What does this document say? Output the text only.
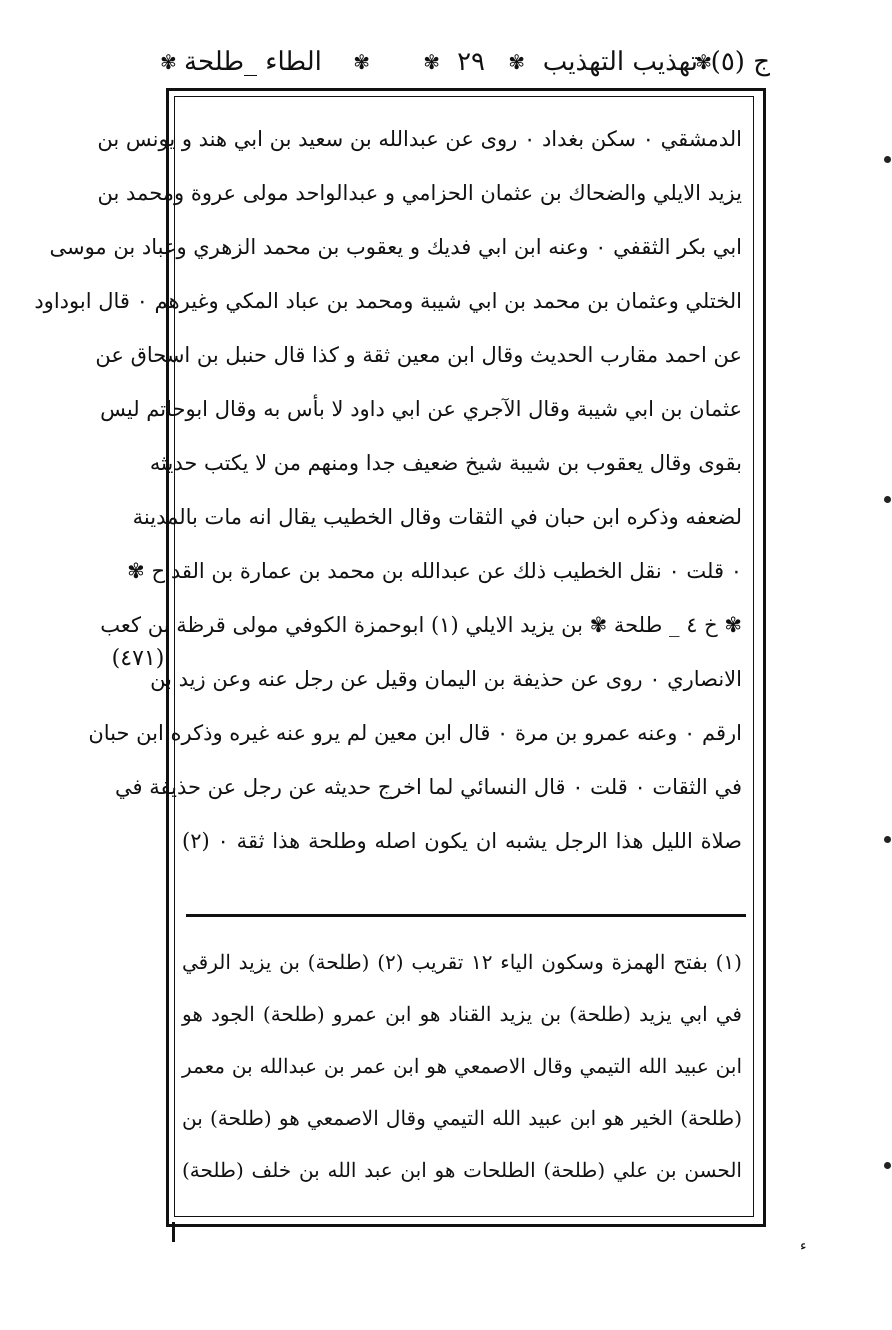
ج (٥)
✾
تهذيب التهذيب
✾
٢٩
✾
✾
الطاء _طلحة
✾
الدمشقي ٠ سكن بغداد ٠ روى عن عبدالله بن سعيد بن ابي هند و يونس بن
يزيد الايلي والضحاك بن عثمان الحزامي و عبدالواحد مولى عروة ومحمد بن
ابي بكر الثقفي ٠ وعنه ابن ابي فديك و يعقوب بن محمد الزهري وعباد بن موسى
الختلي وعثمان بن محمد بن ابي شيبة ومحمد بن عباد المكي وغيرهم ٠ قال ابوداود
عن احمد مقارب الحديث وقال ابن معين ثقة و كذا قال حنبل بن اسحاق عن
عثمان بن ابي شيبة وقال الآجري عن ابي داود لا بأس به وقال ابوحاتم ليس
بقوى وقال يعقوب بن شيبة شيخ ضعيف جدا ومنهم من لا يكتب حديثه
لضعفه وذكره ابن حبان في الثقات وقال الخطيب يقال انه مات بالمدينة
٠ قلت ٠ نقل الخطيب ذلك عن عبدالله بن محمد بن عمارة بن القداح ✾
✾ خ ٤ _ طلحة ✾ بن يزيد الايلي (١) ابوحمزة الكوفي مولى قرظة بن كعب
الانصاري ٠ روى عن حذيفة بن اليمان وقيل عن رجل عنه وعن زيد بن
ارقم ٠ وعنه عمرو بن مرة ٠ قال ابن معين لم يرو عنه غيره وذكره ابن حبان
في الثقات ٠ قلت ٠ قال النسائي لما اخرج حديثه عن رجل عن حذيفة في
صلاة الليل هذا الرجل يشبه ان يكون اصله وطلحة هذا ثقة ٠ (٢)
(١) بفتح الهمزة وسكون الياء ١٢ تقريب (٢) (طلحة) بن يزيد الرقي
في ابي يزيد (طلحة) بن يزيد القناد هو ابن عمرو (طلحة) الجود هو
ابن عبيد الله التيمي وقال الاصمعي هو ابن عمر بن عبدالله بن معمر
(طلحة) الخير هو ابن عبيد الله التيمي وقال الاصمعي هو (طلحة) بن
الحسن بن علي (طلحة) الطلحات هو ابن عبد الله بن خلف (طلحة)
(٤٧١)
ء
